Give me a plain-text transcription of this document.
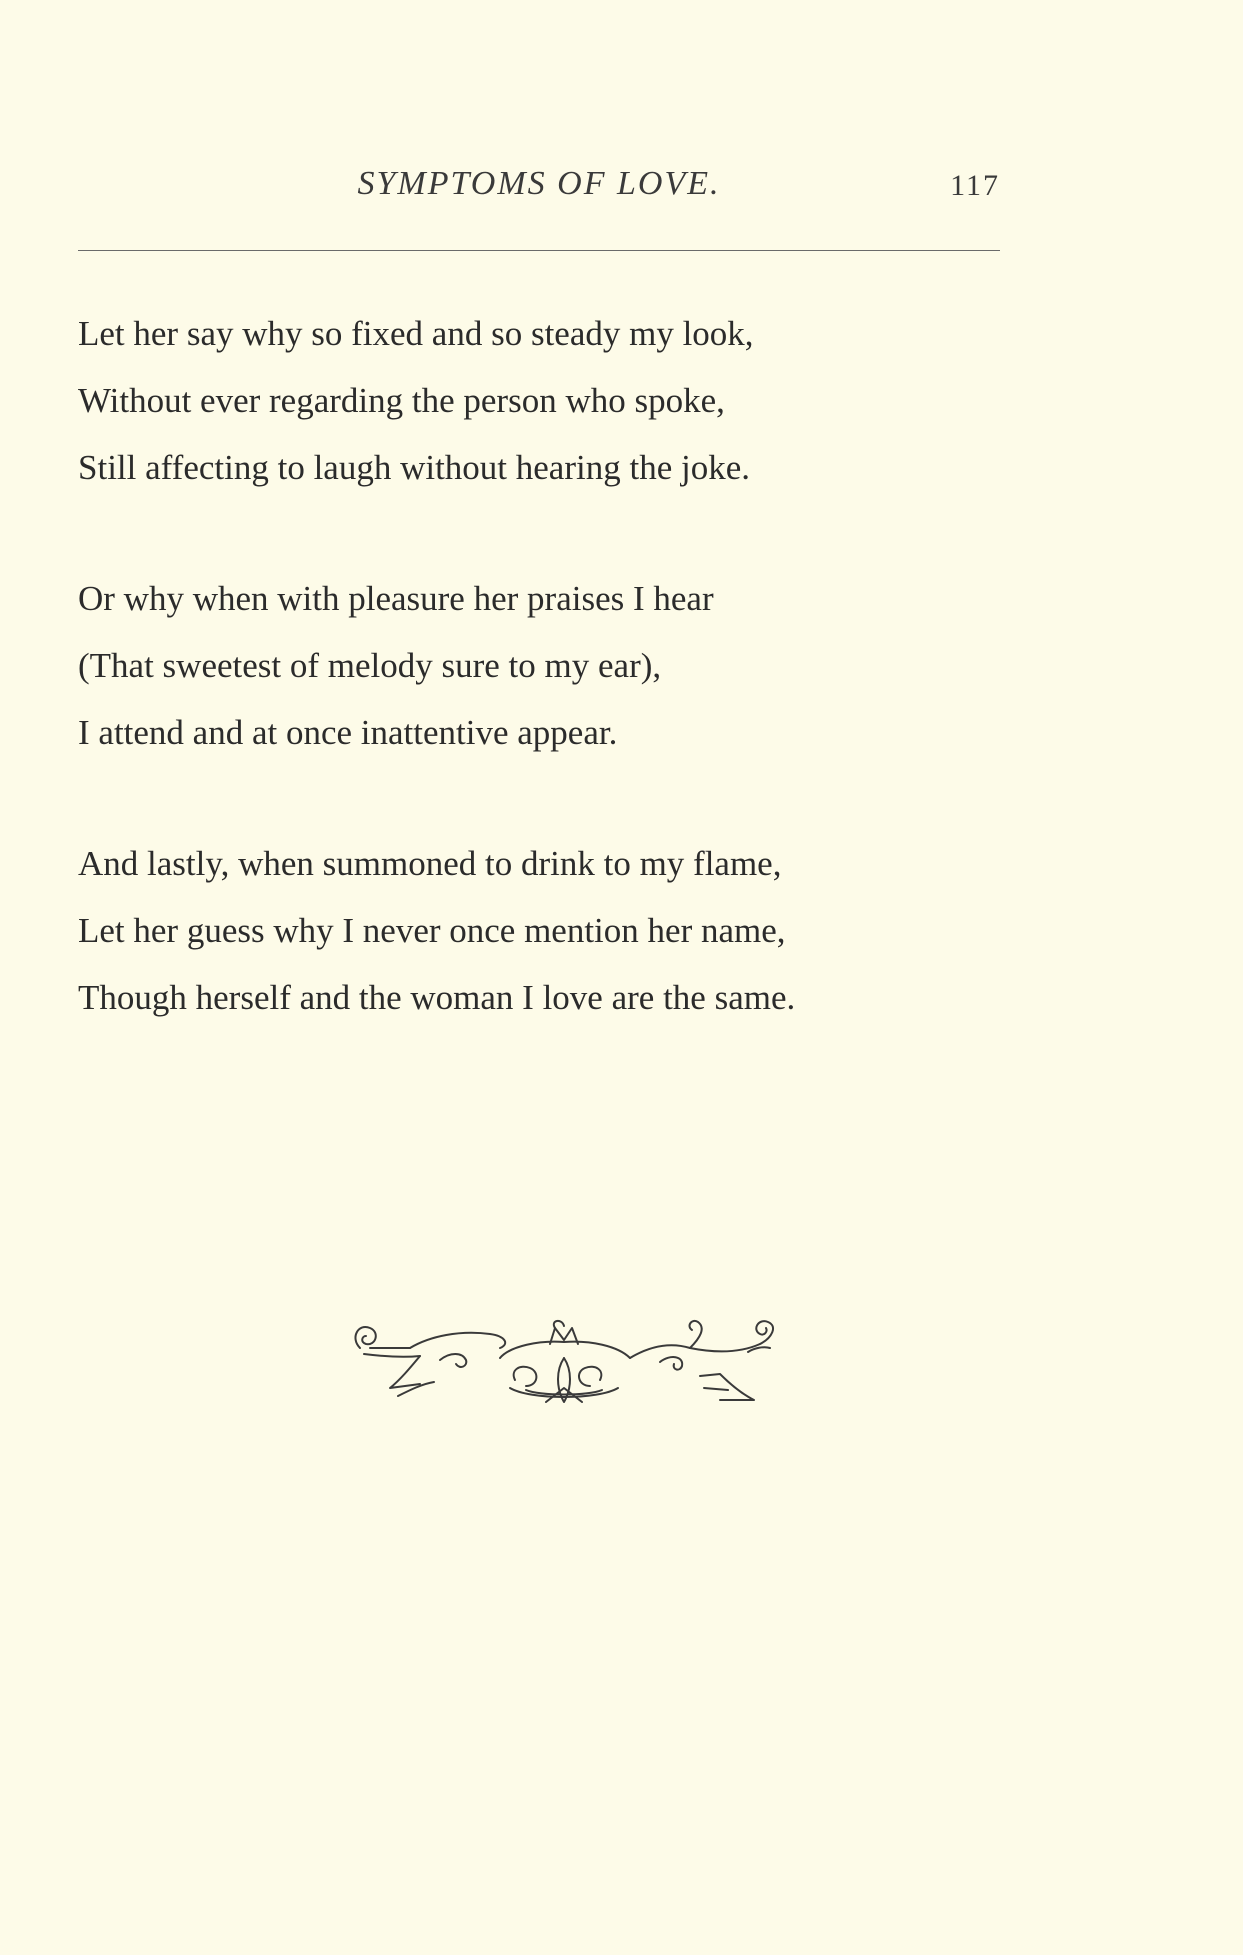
SYMPTOMS OF LOVE.	117
Let her say why so fixed and so steady my look,
Without ever regarding the person who spoke,
Still affecting to laugh without hearing the joke.
Or why when with pleasure her praises I hear
(That sweetest of melody sure to my ear),
I attend and at once inattentive appear.
And lastly, when summoned to drink to my flame,
Let her guess why I never once mention her name,
Though herself and the woman I love are the same.
